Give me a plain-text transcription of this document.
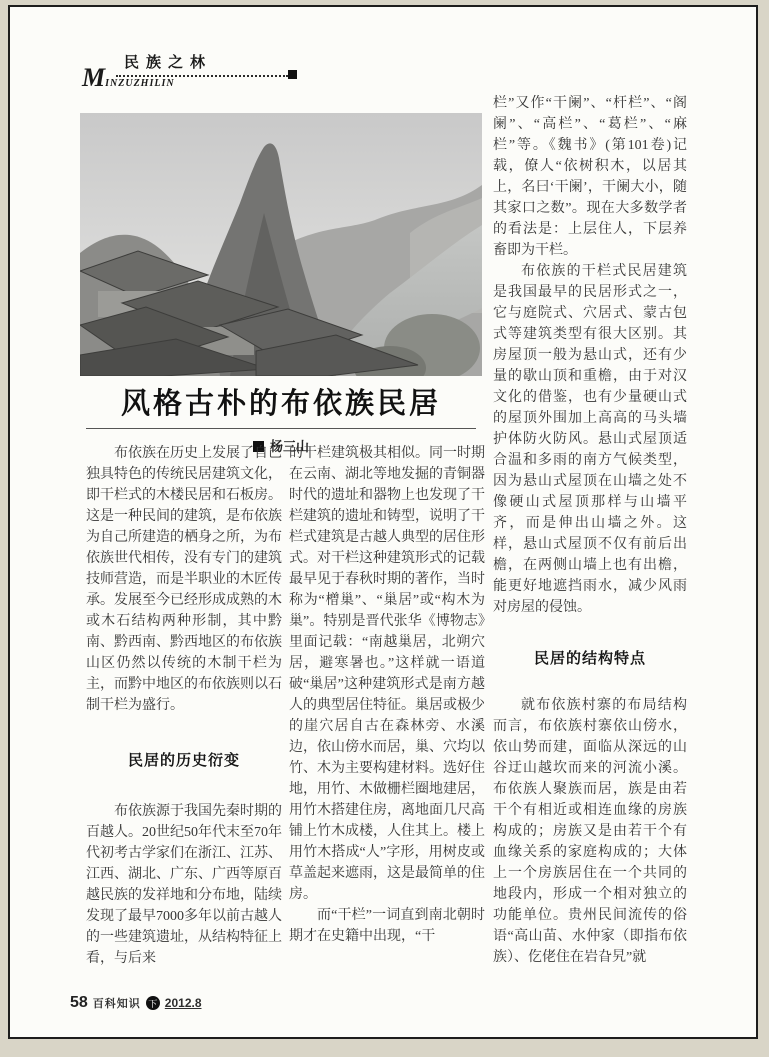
民族之林
MINZUZHILIN
风格古朴的布依族民居
杨三山

布依族在历史上发展了自己独具特色的传统民居建筑文化，即干栏式的木楼民居和石板房。这是一种民间的建筑，是布依族为自己所建造的栖身之所，为布依族世代相传，没有专门的建筑技师营造，而是半职业的木匠传承。发展至今已经形成成熟的木或木石结构两种形制，其中黔南、黔西南、黔西地区的布依族山区仍然以传统的木制干栏为主，而黔中地区的布依族则以石制干栏为盛行。

民居的历史衍变

布依族源于我国先秦时期的百越人。20世纪50年代末至70年代初考古学家们在浙江、江苏、江西、湖北、广东、广西等原百越民族的发祥地和分布地，陆续发现了最早7000多年以前古越人的一些建筑遗址，从结构特征上看，与后来

的干栏建筑极其相似。同一时期在云南、湖北等地发掘的青铜器时代的遗址和器物上也发现了干栏建筑的遗址和铸型，说明了干栏式建筑是古越人典型的居住形式。对干栏这种建筑形式的记载最早见于春秋时期的著作，当时称为“橧巢”、“巢居”或“构木为巢”。特别是晋代张华《博物志》里面记载：“南越巢居，北朔穴居，避寒暑也。”这样就一语道破“巢居”这种建筑形式是南方越人的典型居住特征。巢居或极少的崖穴居自古在森林旁、水溪边，依山傍水而居，巢、穴均以竹、木为主要构建材料。选好住地，用竹、木做栅栏圈地建居，用竹木搭建住房，离地面几尺高铺上竹木成楼，人住其上。楼上用竹木搭成“人”字形，用树皮或草盖起来遮雨，这是最简单的住房。

而“干栏”一词直到南北朝时期才在史籍中出现，“干

栏”又作“干阑”、“杆栏”、“阁阑”、“高栏”、“葛栏”、“麻栏”等。《魏书》(第101卷)记载，僚人“依树积木，以居其上，名曰‘干阑’，干阑大小，随其家口之数”。现在大多数学者的看法是：上层住人，下层养畜即为干栏。

布依族的干栏式民居建筑是我国最早的民居形式之一，它与庭院式、穴居式、蒙古包式等建筑类型有很大区别。其房屋顶一般为悬山式，还有少量的歇山顶和重檐，由于对汉文化的借鉴，也有少量硬山式的屋顶外围加上高高的马头墙护体防火防风。悬山式屋顶适合温和多雨的南方气候类型，因为悬山式屋顶在山墙之处不像硬山式屋顶那样与山墙平齐，而是伸出山墙之外。这样，悬山式屋顶不仅有前后出檐，在两侧山墙上也有出檐，能更好地遮挡雨水，减少风雨对房屋的侵蚀。

民居的结构特点

就布依族村寨的布局结构而言，布依族村寨依山傍水，依山势而建，面临从深远的山谷迂山越坎而来的河流小溪。布依族人聚族而居，族是由若干个有相近或相连血缘的房族构成的；房族又是由若干个有血缘关系的家庭构成的；大体上一个房族居住在一个共同的地段内，形成一个相对独立的功能单位。贵州民间流传的俗语“高山苗、水仲家（即指布依族）、仡佬住在岩旮旯”就

58 百科知识 下 2012.8
